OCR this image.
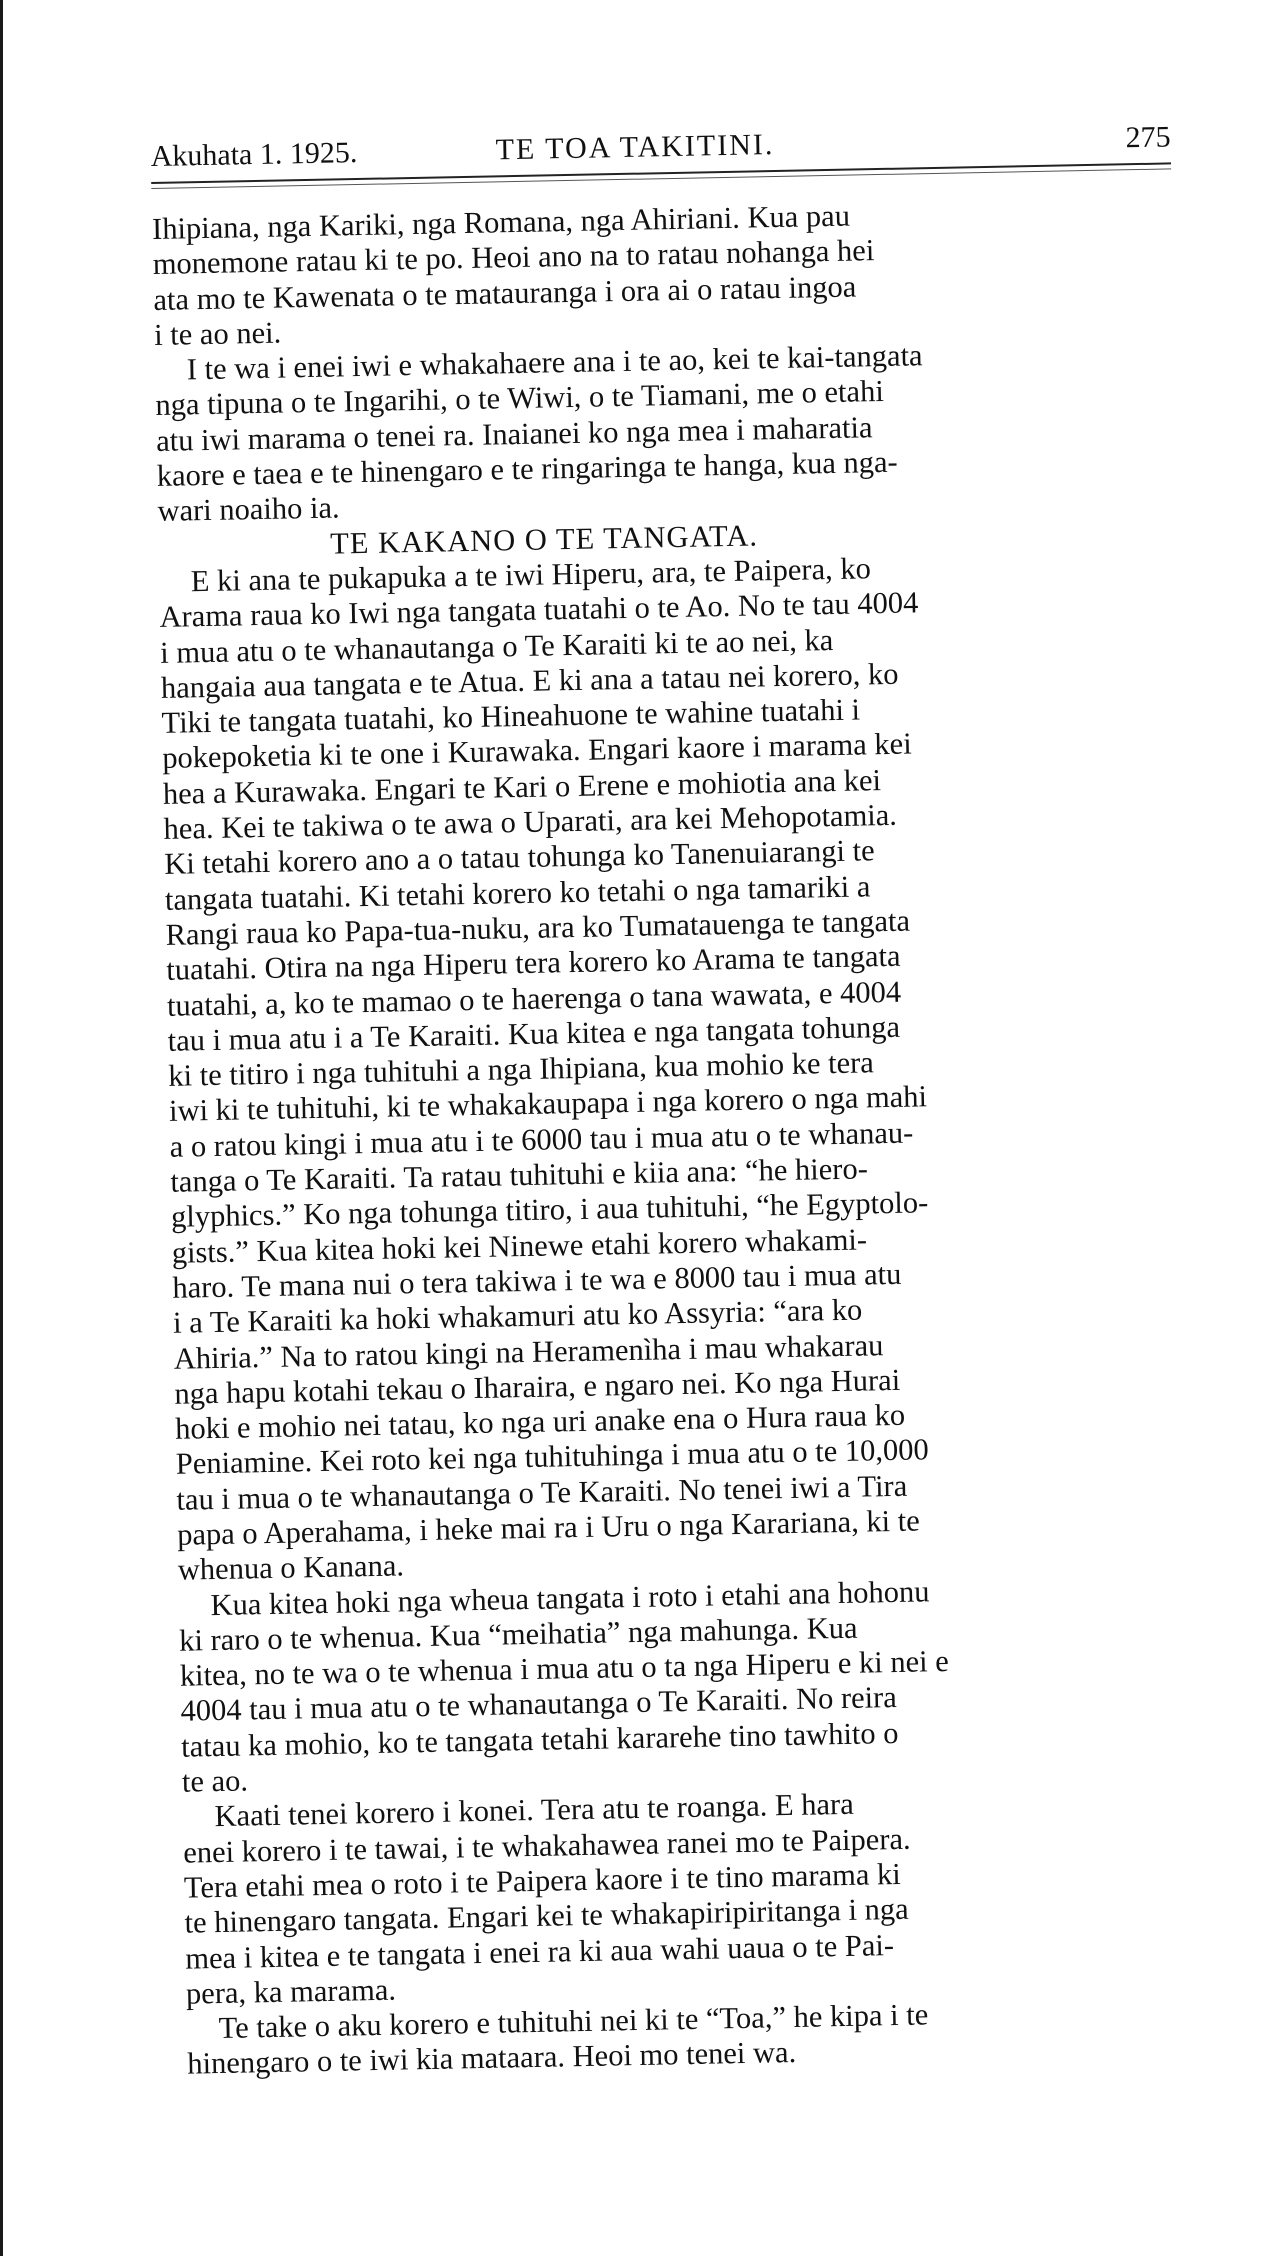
Akuhata 1. 1925.	TE TOA TAKITINI.	275
Ihipiana, nga Kariki, nga Romana, nga Ahiriani. Kua pau
monemone ratau ki te po. Heoi ano na to ratau nohanga hei
ata mo te Kawenata o te matauranga i ora ai o ratau ingoa
i te ao nei.
I te wa i enei iwi e whakahaere ana i te ao, kei te kai-tangata
nga tipuna o te Ingarihi, o te Wiwi, o te Tiamani, me o etahi
atu iwi marama o tenei ra. Inaianei ko nga mea i maharatia
kaore e taea e te hinengaro e te ringaringa te hanga, kua nga-
wari noaiho ia.
TE KAKANO O TE TANGATA.
E ki ana te pukapuka a te iwi Hiperu, ara, te Paipera, ko
Arama raua ko Iwi nga tangata tuatahi o te Ao. No te tau 4004
i mua atu o te whanautanga o Te Karaiti ki te ao nei, ka
hangaia aua tangata e te Atua. E ki ana a tatau nei korero, ko
Tiki te tangata tuatahi, ko Hineahuone te wahine tuatahi i
pokepoketia ki te one i Kurawaka. Engari kaore i marama kei
hea a Kurawaka. Engari te Kari o Erene e mohiotia ana kei
hea. Kei te takiwa o te awa o Uparati, ara kei Mehopotamia.
Ki tetahi korero ano a o tatau tohunga ko Tanenuiarangi te
tangata tuatahi. Ki tetahi korero ko tetahi o nga tamariki a
Rangi raua ko Papa-tua-nuku, ara ko Tumatauenga te tangata
tuatahi. Otira na nga Hiperu tera korero ko Arama te tangata
tuatahi, a, ko te mamao o te haerenga o tana wawata, e 4004
tau i mua atu i a Te Karaiti. Kua kitea e nga tangata tohunga
ki te titiro i nga tuhituhi a nga Ihipiana, kua mohio ke tera
iwi ki te tuhituhi, ki te whakakaupapa i nga korero o nga mahi
a o ratou kingi i mua atu i te 6000 tau i mua atu o te whanau-
tanga o Te Karaiti. Ta ratau tuhituhi e kiia ana: “he hiero-
glyphics.” Ko nga tohunga titiro, i aua tuhituhi, “he Egyptolo-
gists.” Kua kitea hoki kei Ninewe etahi korero whakami-
haro. Te mana nui o tera takiwa i te wa e 8000 tau i mua atu
i a Te Karaiti ka hoki whakamuri atu ko Assyria: “ara ko
Ahiria.” Na to ratou kingi na Heramenìha i mau whakarau
nga hapu kotahi tekau o Iharaira, e ngaro nei. Ko nga Hurai
hoki e mohio nei tatau, ko nga uri anake ena o Hura raua ko
Peniamine. Kei roto kei nga tuhituhinga i mua atu o te 10,000
tau i mua o te whanautanga o Te Karaiti. No tenei iwi a Tira
papa o Aperahama, i heke mai ra i Uru o nga Karariana, ki te
whenua o Kanana.
Kua kitea hoki nga wheua tangata i roto i etahi ana hohonu
ki raro o te whenua. Kua “meihatia” nga mahunga. Kua
kitea, no te wa o te whenua i mua atu o ta nga Hiperu e ki nei e
4004 tau i mua atu o te whanautanga o Te Karaiti. No reira
tatau ka mohio, ko te tangata tetahi kararehe tino tawhito o
te ao.
Kaati tenei korero i konei. Tera atu te roanga. E hara
enei korero i te tawai, i te whakahawea ranei mo te Paipera.
Tera etahi mea o roto i te Paipera kaore i te tino marama ki
te hinengaro tangata. Engari kei te whakapiripiritanga i nga
mea i kitea e te tangata i enei ra ki aua wahi uaua o te Pai-
pera, ka marama.
Te take o aku korero e tuhituhi nei ki te “Toa,” he kipa i te
hinengaro o te iwi kia mataara. Heoi mo tenei wa.
